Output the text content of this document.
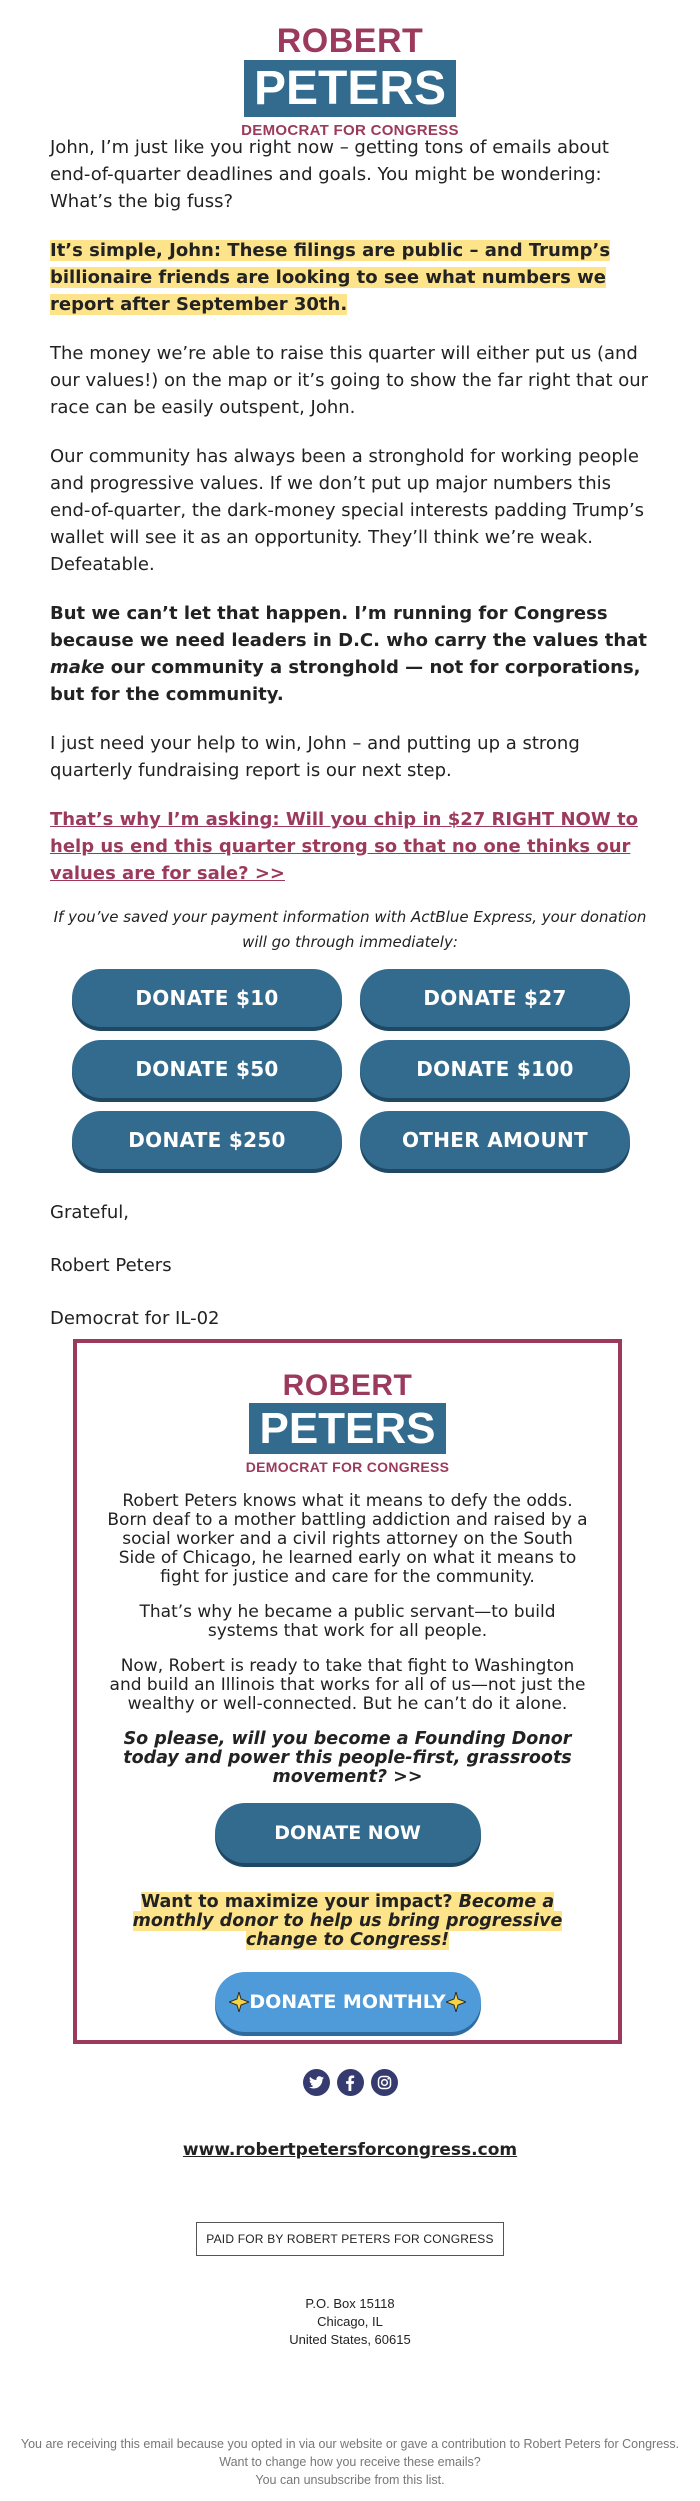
ROBERT
PETERS
DEMOCRAT FOR CONGRESS

John, I’m just like you right now – getting tons of emails about end-of-quarter deadlines and goals. You might be wondering: What’s the big fuss?

It’s simple, John: These filings are public – and Trump’s billionaire friends are looking to see what numbers we report after September 30th.

The money we’re able to raise this quarter will either put us (and our values!) on the map or it’s going to show the far right that our race can be easily outspent, John.

Our community has always been a stronghold for working people and progressive values. If we don’t put up major numbers this end-of-quarter, the dark-money special interests padding Trump’s wallet will see it as an opportunity. They’ll think we’re weak. Defeatable.

But we can’t let that happen. I’m running for Congress because we need leaders in D.C. who carry the values that make our community a stronghold — not for corporations, but for the community.

I just need your help to win, John – and putting up a strong quarterly fundraising report is our next step.

That’s why I’m asking: Will you chip in $27 RIGHT NOW to help us end this quarter strong so that no one thinks our values are for sale? >>

If you’ve saved your payment information with ActBlue Express, your donation will go through immediately:
DONATE $10	DONATE $27
DONATE $50	DONATE $100
DONATE $250	OTHER AMOUNT

Grateful,

Robert Peters

Democrat for IL-02

ROBERT
PETERS
DEMOCRAT FOR CONGRESS

Robert Peters knows what it means to defy the odds. Born deaf to a mother battling addiction and raised by a social worker and a civil rights attorney on the South Side of Chicago, he learned early on what it means to fight for justice and care for the community.

That’s why he became a public servant—to build systems that work for all people.

Now, Robert is ready to take that fight to Washington and build an Illinois that works for all of us—not just the wealthy or well-connected. But he can’t do it alone.

So please, will you become a Founding Donor today and power this people-first, grassroots movement? >>

DONATE NOW
Want to maximize your impact? Become a monthly donor to help us bring progressive change to Congress!
DONATE MONTHLY
www.robertpetersforcongress.com
PAID FOR BY ROBERT PETERS FOR CONGRESS
P.O. Box 15118
Chicago, IL
United States, 60615
You are receiving this email because you opted in via our website or gave a contribution to Robert Peters for Congress. Want to change how you receive these emails?
You can unsubscribe from this list.
